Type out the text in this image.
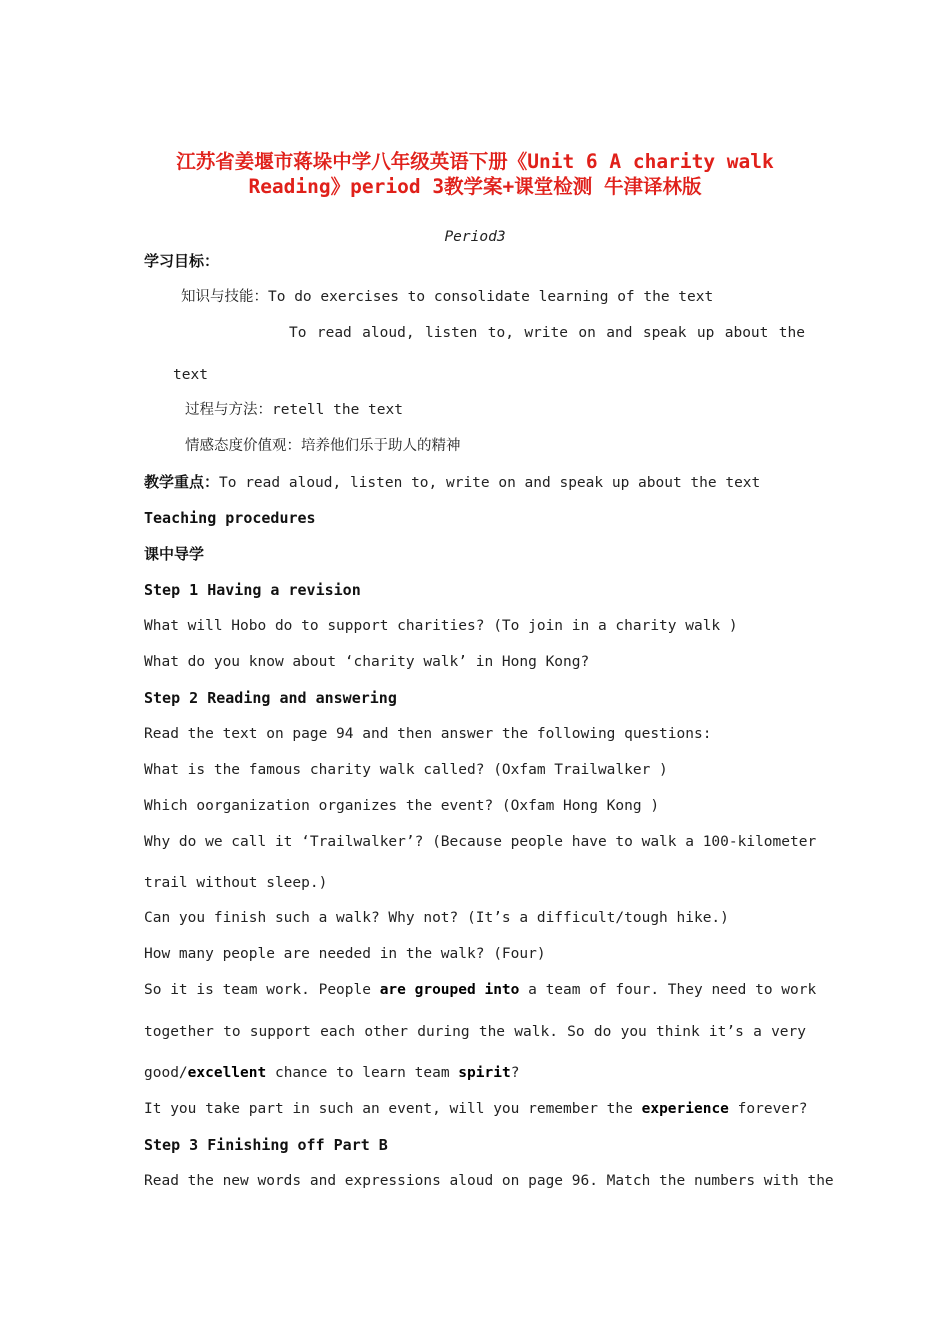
江苏省姜堰市蒋垛中学八年级英语下册《Unit 6 A charity walk
Reading》period 3教学案+课堂检测 牛津译林版
Period3
学习目标：
知识与技能：To do exercises to consolidate learning of the text
To read aloud, listen to, write on and speak up about the
text
过程与方法：retell the text
情感态度价值观：培养他们乐于助人的精神
教学重点：To read aloud, listen to, write on and speak up about the text
Teaching procedures
课中导学
Step 1 Having a revision
What will Hobo do to support charities? (To join in a charity walk )
What do you know about ‘charity walk’ in Hong Kong?
Step 2 Reading and answering
Read the text on page 94 and then answer the following questions:
What is the famous charity walk called? (Oxfam Trailwalker )
Which oorganization organizes the event? (Oxfam Hong Kong )
Why do we call it ‘Trailwalker’? (Because people have to walk a 100-kilometer
trail without sleep.)
Can you finish such a walk? Why not? (It’s a difficult/tough hike.)
How many people are needed in the walk? (Four)
So it is team work. People are grouped into a team of four. They need to work
together to support each other during the walk. So do you think it’s a very
good/excellent chance to learn team spirit?
It you take part in such an event, will you remember the experience forever?
Step 3 Finishing off Part B
Read the new words and expressions aloud on page 96. Match the numbers with the
